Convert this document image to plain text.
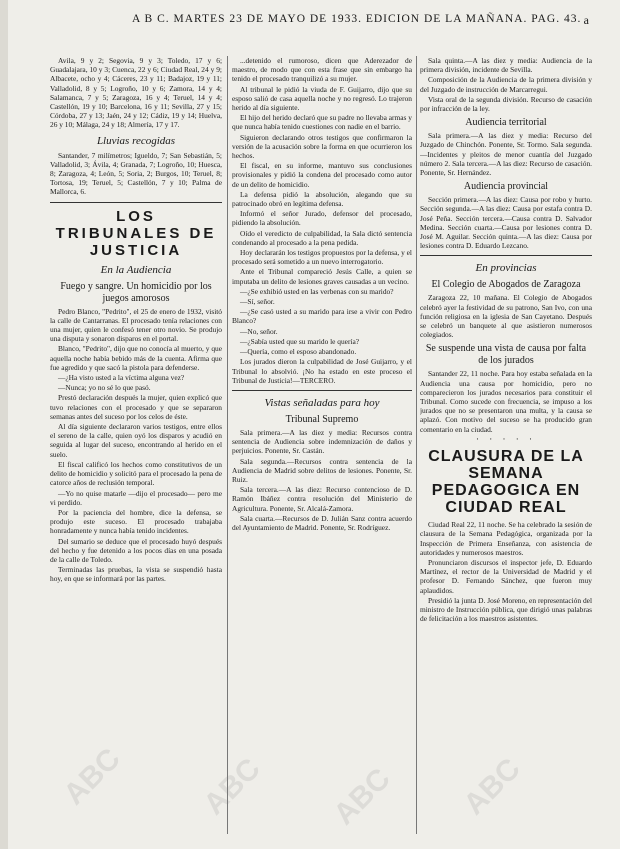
A B C. MARTES 23 DE MAYO DE 1933. EDICION DE LA MAÑANA. PAG. 43. a

Avila, 9 y 2; Segovia, 9 y 3; Toledo, 17 y 6; Guadalajara, 10 y 3; Cuenca, 22 y 6; Ciudad Real, 24 y 9; Albacete, ocho y 4; Cáceres, 23 y 11; Badajoz, 19 y 11; Valladolid, 8 y 5; Logroño, 10 y 6; Zamora, 14 y 4; Salamanca, 7 y 5; Zaragoza, 16 y 4; Teruel, 14 y 4; Castellón, 19 y 10; Barcelona, 16 y 11; Sevilla, 27 y 15; Córdoba, 27 y 13; Jaén, 24 y 12; Cádiz, 19 y 14; Huelva, 26 y 10; Málaga, 24 y 18; Almería, 17 y 17.

Lluvias recogidas

Santander, 7 milímetros; Igueldo, 7; San Sebastián, 5; Valladolid, 3; Ávila, 4; Granada, 7; Logroño, 10; Huesca, 8; Zaragoza, 4; León, 5; Soria, 2; Burgos, 10; Teruel, 8; Tortosa, 19; Teruel, 5; Castellón, 7 y 10; Palma de Mallorca, 6.

LOS TRIBUNALES DE JUSTICIA
En la Audiencia
Fuego y sangre. Un homicidio por los juegos amorosos

Pedro Blanco, "Pedrito", el 25 de enero de 1932, visitó la calle de Cantarranas. El procesado tenía relaciones con una mujer, quien le confesó tener otro novio. Se produjo una disputa y sonaron disparos en el portal.

Blanco, "Pedrito", dijo que no conocía al muerto, y que aquella noche había bebido más de la cuenta. Afirma que fue agredido y que sacó la pistola para defenderse.

—¿Ha visto usted a la víctima alguna vez?

—Nunca; yo no sé lo que pasó.

Prestó declaración después la mujer, quien explicó que tuvo relaciones con el procesado y que se separaron semanas antes del suceso por los celos de éste.

Al día siguiente declararon varios testigos, entre ellos el sereno de la calle, quien oyó los disparos y acudió en seguida al lugar del suceso, encontrando al herido en el suelo.

El fiscal calificó los hechos como constitutivos de un delito de homicidio y solicitó para el procesado la pena de catorce años de reclusión temporal.

—Yo no quise matarle —dijo el procesado— pero me vi perdido.

Por la paciencia del hombre, dice la defensa, se produjo este suceso. El procesado trabajaba honradamente y nunca había tenido incidentes.

Del sumario se deduce que el procesado huyó después del hecho y fue detenido a los pocos días en una posada de la calle de Toledo.

Terminadas las pruebas, la vista se suspendió hasta hoy, en que se informará por las partes.

...detenido el rumoroso, dicen que Aderezador de maestro, de modo que con esta frase que sin embargo ha tenido el procesado tranquilizó a su mujer.

Al tribunal le pidió la viuda de F. Guijarro, dijo que su esposo salió de casa aquella noche y no regresó. Lo trajeron herido al día siguiente.

El hijo del herido declaró que su padre no llevaba armas y que nunca había tenido cuestiones con nadie en el barrio.

Siguieron declarando otros testigos que confirmaron la versión de la acusación sobre la forma en que ocurrieron los hechos.

El fiscal, en su informe, mantuvo sus conclusiones provisionales y pidió la condena del procesado como autor de un delito de homicidio.

La defensa pidió la absolución, alegando que su patrocinado obró en legítima defensa.

Informó el señor Jurado, defensor del procesado, pidiendo la absolución.

Oído el veredicto de culpabilidad, la Sala dictó sentencia condenando al procesado a la pena pedida.

Hoy declararán los testigos propuestos por la defensa, y el procesado será sometido a un nuevo interrogatorio.

Ante el Tribunal compareció Jesús Calle, a quien se imputaba un delito de lesiones graves causadas a un vecino.

—¿Se exhibió usted en las verbenas con su marido?

—Sí, señor.

—¿Se casó usted a su marido para irse a vivir con Pedro Blanco?

—No, señor.

—¿Sabía usted que su marido le quería?

—Quería, como el esposo abandonado.

Los jurados dieron la culpabilidad de José Guijarro, y el Tribunal lo absolvió. ¡No ha estado en este proceso el Tribunal de Justicia!—TERCERO.

Vistas señaladas para hoy
Tribunal Supremo

Sala primera.—A las diez y media: Recursos contra sentencia de Audiencia sobre indemnización de daños y perjuicios. Ponente, Sr. Castán.

Sala segunda.—Recursos contra sentencia de la Audiencia de Madrid sobre delitos de lesiones. Ponente, Sr. Ruiz.

Sala tercera.—A las diez: Recurso contencioso de D. Ramón Ibáñez contra resolución del Ministerio de Agricultura. Ponente, Sr. Alcalá-Zamora.

Sala cuarta.—Recursos de D. Julián Sanz contra acuerdo del Ayuntamiento de Madrid. Ponente, Sr. Rodríguez.

Sala quinta.—A las diez y media: Audiencia de la primera división, incidente de Sevilla.

Composición de la Audiencia de la primera división y del Juzgado de instrucción de Marcarregui.

Vista oral de la segunda división. Recurso de casación por infracción de la ley.

Audiencia territorial

Sala primera.—A las diez y media: Recurso del Juzgado de Chinchón. Ponente, Sr. Tormo. Sala segunda.—Incidentes y pleitos de menor cuantía del Juzgado número 2. Sala tercera.—A las diez: Recurso de casación. Ponente, Sr. Hernández.

Audiencia provincial

Sección primera.—A las diez: Causa por robo y hurto. Sección segunda.—A las diez: Causa por estafa contra D. José Peña. Sección tercera.—Causa contra D. Salvador Medina. Sección cuarta.—Causa por lesiones contra D. José M. Aguilar. Sección quinta.—A las diez: Causa por lesiones contra D. Eduardo Lezcano.

En provincias
El Colegio de Abogados de Zaragoza

Zaragoza 22, 10 mañana. El Colegio de Abogados celebró ayer la festividad de su patrono, San Ivo, con una función religiosa en la iglesia de San Cayetano. Después se celebró un banquete al que asistieron numerosos colegiados.

Se suspende una vista de causa por falta de los jurados

Santander 22, 11 noche. Para hoy estaba señalada en la Audiencia una causa por homicidio, pero no comparecieron los jurados necesarios para constituir el Tribunal. Como sucede con frecuencia, se impuso a los jurados que no se presentaron una multa, y la causa se aplazó. Con motivo del suceso se ha producido gran comentario en la ciudad.

· · · · ·
CLAUSURA DE LA SEMANA PEDAGOGICA EN CIUDAD REAL

Ciudad Real 22, 11 noche. Se ha celebrado la sesión de clausura de la Semana Pedagógica, organizada por la Inspección de Primera Enseñanza, con asistencia de autoridades y numerosos maestros.

Pronunciaron discursos el inspector jefe, D. Eduardo Martínez, el rector de la Universidad de Madrid y el profesor D. Fernando Sánchez, que fueron muy aplaudidos.

Presidió la junta D. José Moreno, en representación del ministro de Instrucción pública, que dirigió unas palabras de felicitación a los maestros asistentes.

ABC ABC ABC ABC
